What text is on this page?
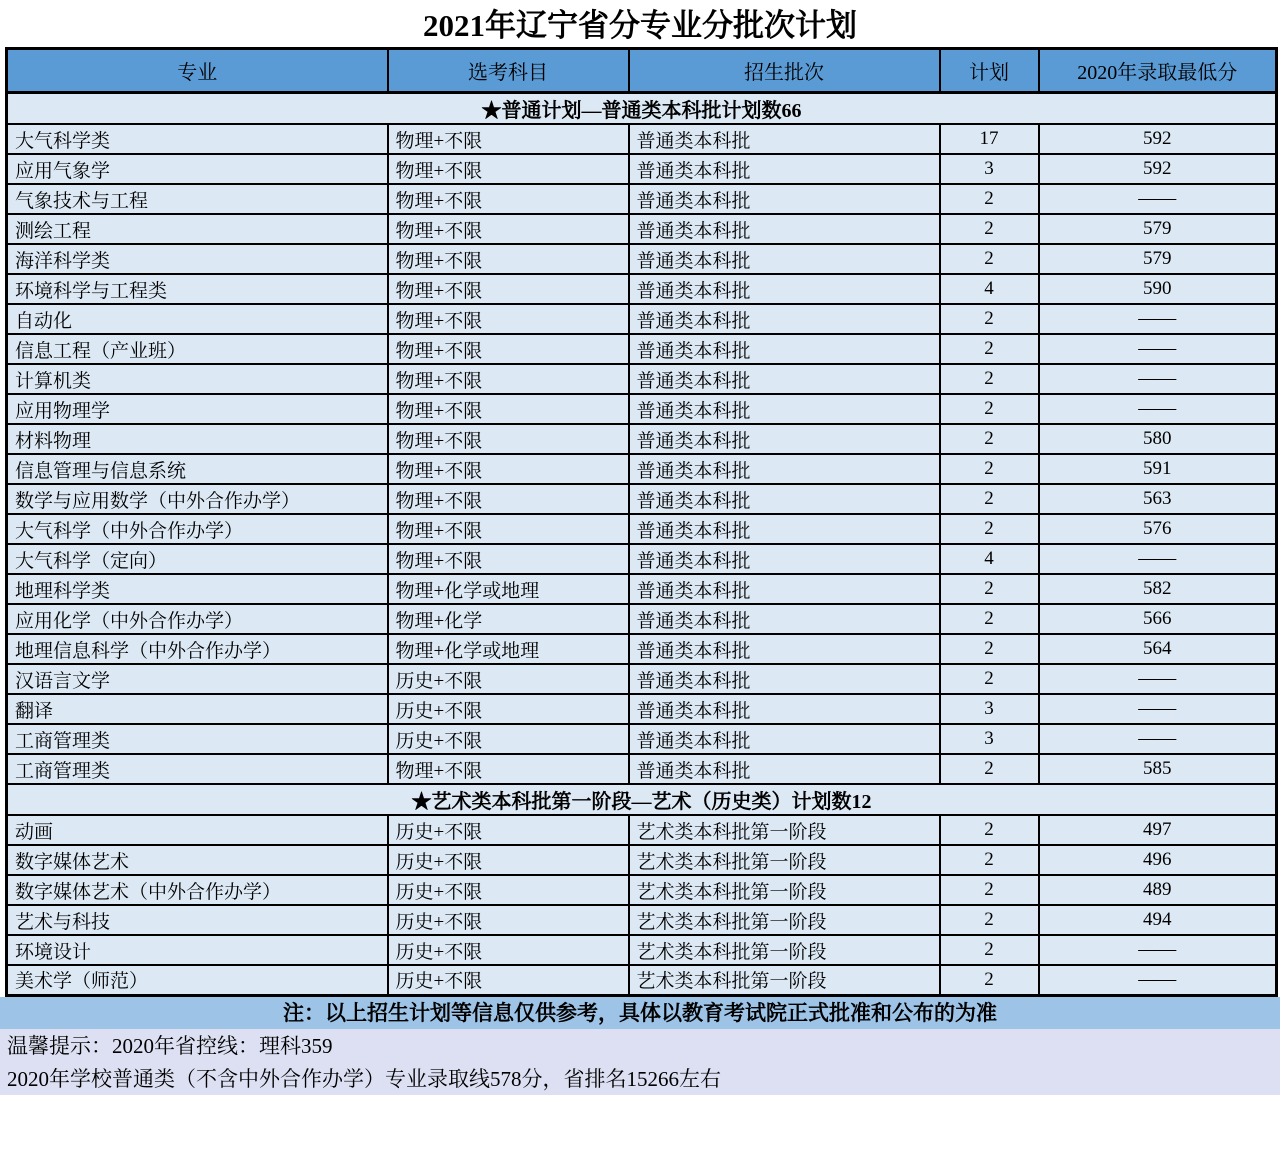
2021年辽宁省分专业分批次计划
专业	选考科目	招生批次	计划	2020年录取最低分
★普通计划—普通类本科批计划数66				
大气科学类	物理+不限	普通类本科批	17	592
应用气象学	物理+不限	普通类本科批	3	592
气象技术与工程	物理+不限	普通类本科批	2	——
测绘工程	物理+不限	普通类本科批	2	579
海洋科学类	物理+不限	普通类本科批	2	579
环境科学与工程类	物理+不限	普通类本科批	4	590
自动化	物理+不限	普通类本科批	2	——
信息工程（产业班）	物理+不限	普通类本科批	2	——
计算机类	物理+不限	普通类本科批	2	——
应用物理学	物理+不限	普通类本科批	2	——
材料物理	物理+不限	普通类本科批	2	580
信息管理与信息系统	物理+不限	普通类本科批	2	591
数学与应用数学（中外合作办学）	物理+不限	普通类本科批	2	563
大气科学（中外合作办学）	物理+不限	普通类本科批	2	576
大气科学（定向）	物理+不限	普通类本科批	4	——
地理科学类	物理+化学或地理	普通类本科批	2	582
应用化学（中外合作办学）	物理+化学	普通类本科批	2	566
地理信息科学（中外合作办学）	物理+化学或地理	普通类本科批	2	564
汉语言文学	历史+不限	普通类本科批	2	——
翻译	历史+不限	普通类本科批	3	——
工商管理类	历史+不限	普通类本科批	3	——
工商管理类	物理+不限	普通类本科批	2	585
★艺术类本科批第一阶段—艺术（历史类）计划数12				
动画	历史+不限	艺术类本科批第一阶段	2	497
数字媒体艺术	历史+不限	艺术类本科批第一阶段	2	496
数字媒体艺术（中外合作办学）	历史+不限	艺术类本科批第一阶段	2	489
艺术与科技	历史+不限	艺术类本科批第一阶段	2	494
环境设计	历史+不限	艺术类本科批第一阶段	2	——
美术学（师范）	历史+不限	艺术类本科批第一阶段	2	——
注：以上招生计划等信息仅供参考，具体以教育考试院正式批准和公布的为准
温馨提示：2020年省控线：理科359
2020年学校普通类（不含中外合作办学）专业录取线578分，省排名15266左右
